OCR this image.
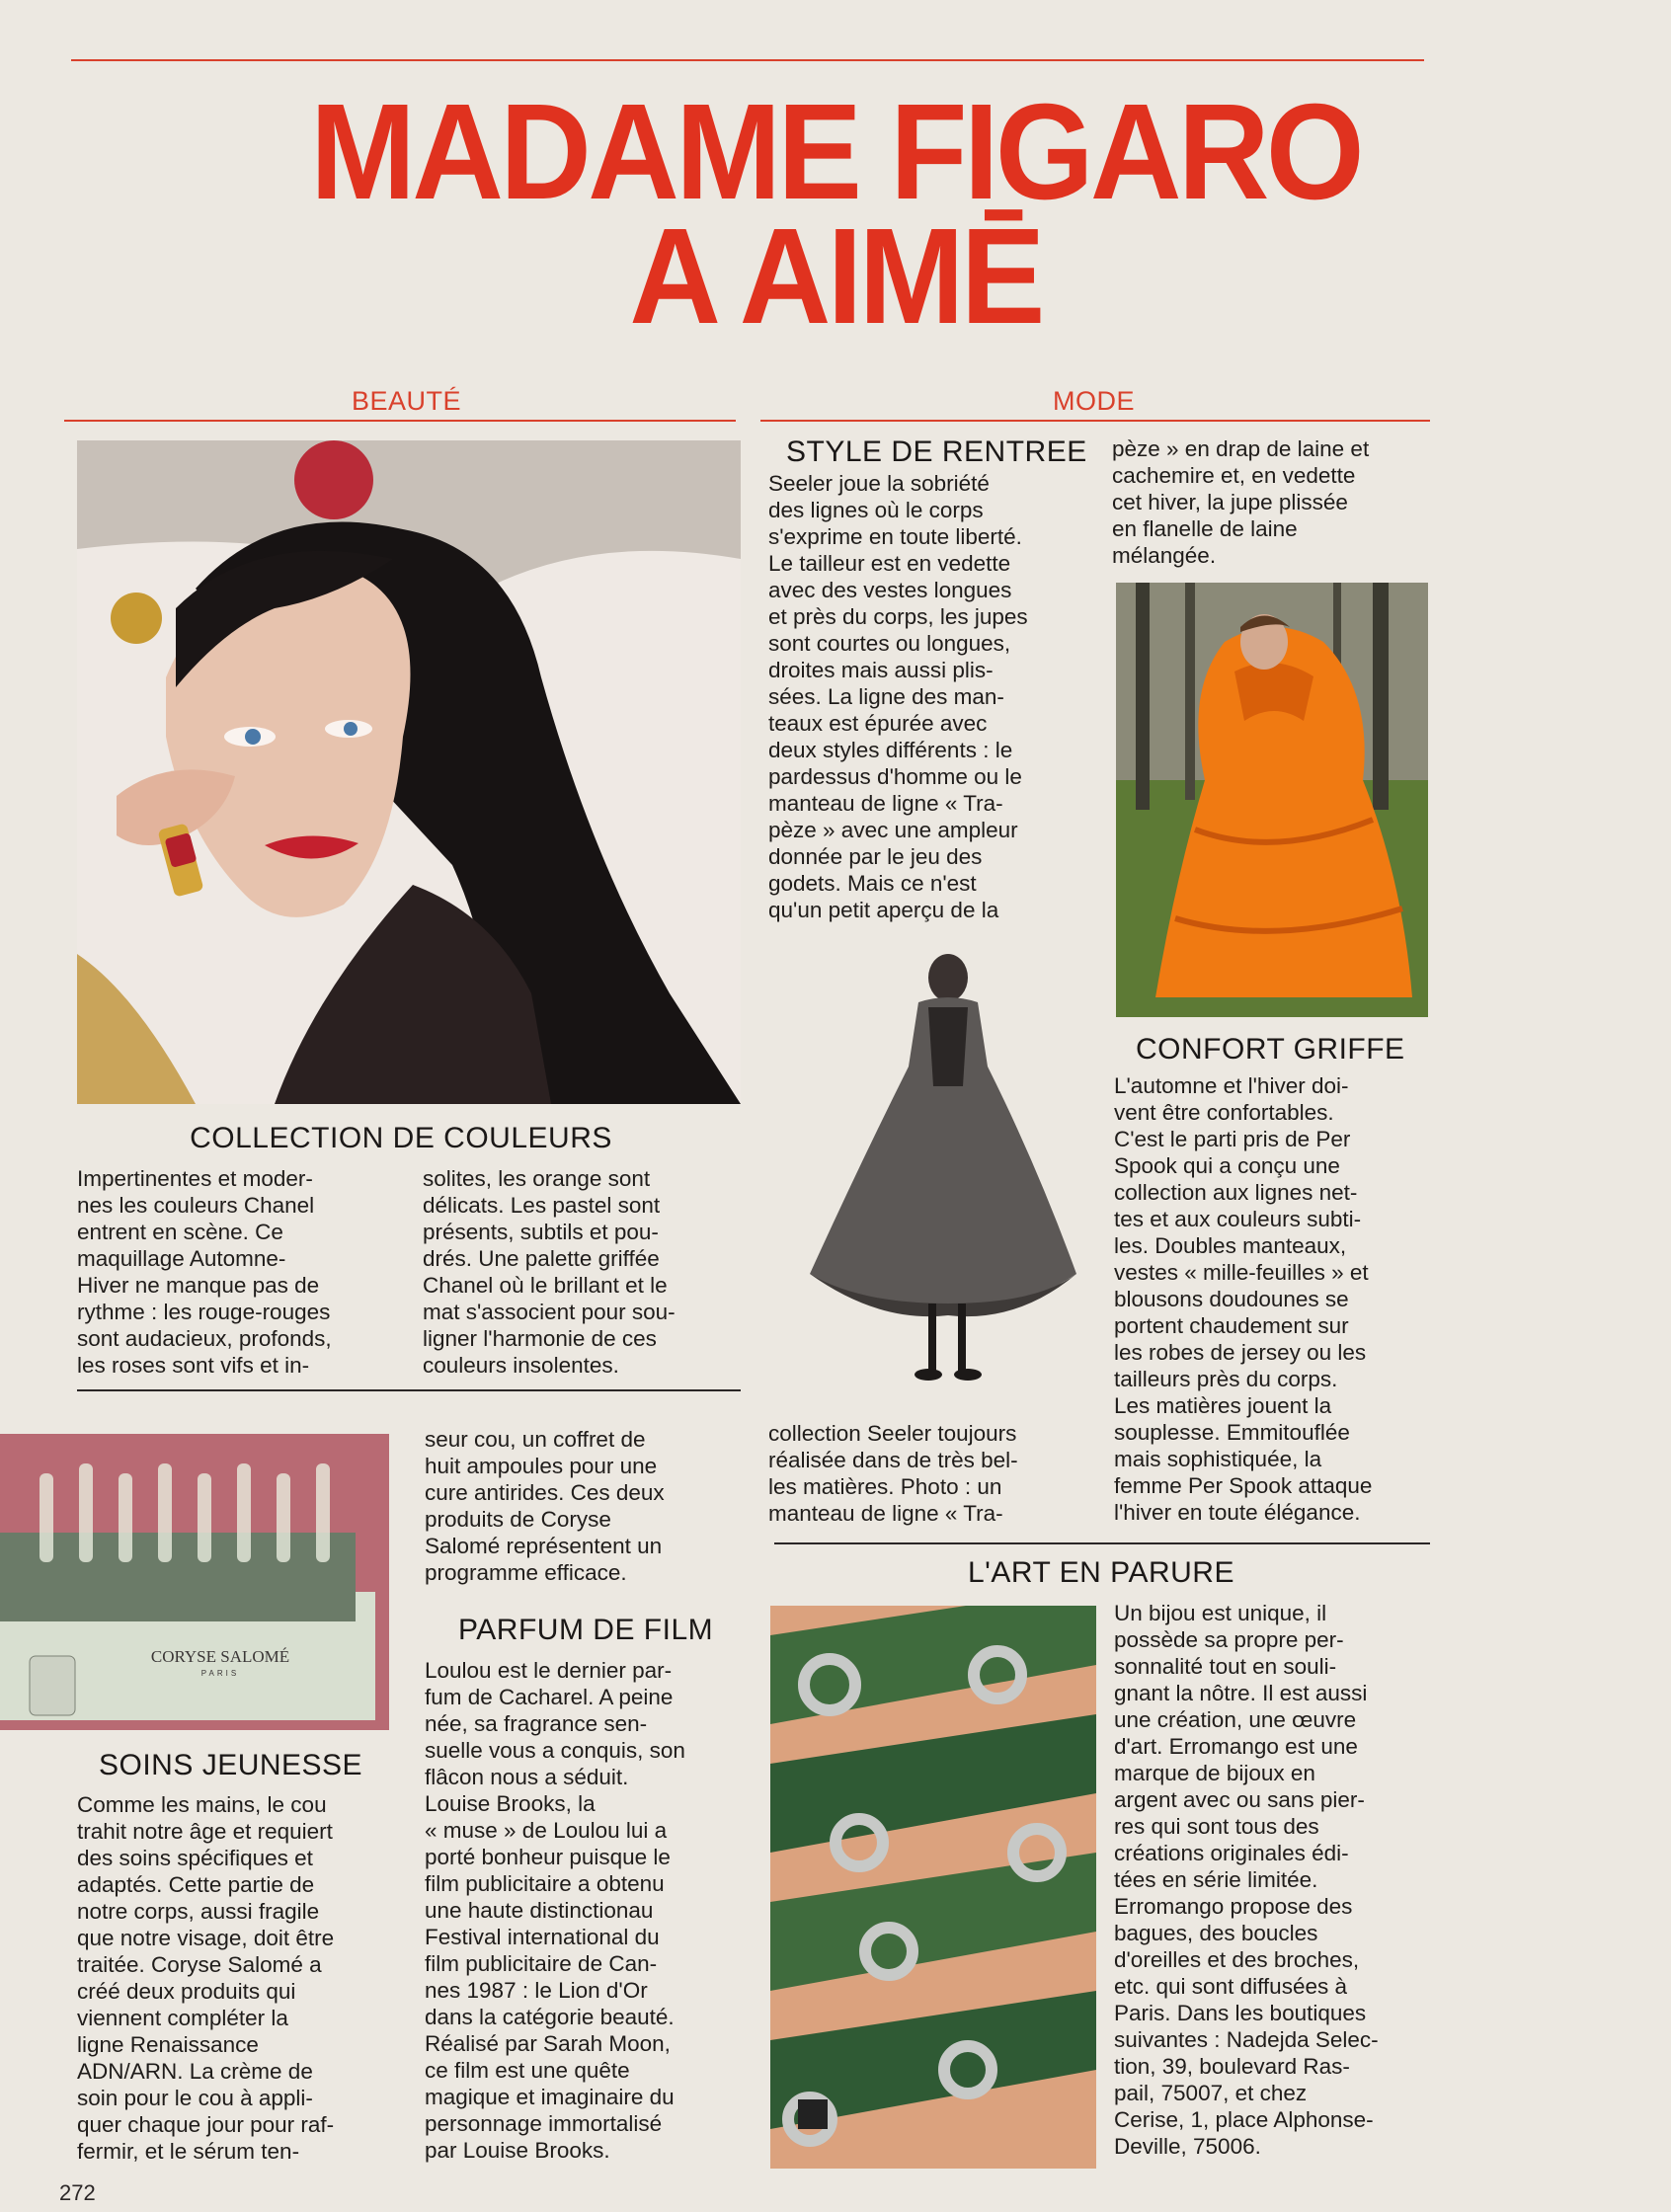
MADAME FIGARO
A AIMĒ
BEAUTÉ	MODE
COLLECTION DE COULEURS
Impertinentes et moder-
nes les couleurs Chanel
entrent en scène. Ce
maquillage Automne-
Hiver ne manque pas de
rythme : les rouge-rouges
sont audacieux, profonds,
les roses sont vifs et in-
solites, les orange sont
délicats. Les pastel sont
présents, subtils et pou-
drés. Une palette griffée
Chanel où le brillant et le
mat s'associent pour sou-
ligner l'harmonie de ces
couleurs insolentes.
STYLE DE RENTREE
Seeler joue la sobriété
des lignes où le corps
s'exprime en toute liberté.
Le tailleur est en vedette
avec des vestes longues
et près du corps, les jupes
sont courtes ou longues,
droites mais aussi plis-
sées. La ligne des man-
teaux est épurée avec
deux styles différents : le
pardessus d'homme ou le
manteau de ligne « Tra-
pèze » avec une ampleur
donnée par le jeu des
godets. Mais ce n'est
qu'un petit aperçu de la
pèze » en drap de laine et
cachemire et, en vedette
cet hiver, la jupe plissée
en flanelle de laine
mélangée.
CONFORT GRIFFE
L'automne et l'hiver doi-
vent être confortables.
C'est le parti pris de Per
Spook qui a conçu une
collection aux lignes net-
tes et aux couleurs subti-
les. Doubles manteaux,
vestes « mille-feuilles » et
blousons doudounes se
portent chaudement sur
les robes de jersey ou les
tailleurs près du corps.
Les matières jouent la
souplesse. Emmitouflée
mais sophistiquée, la
femme Per Spook attaque
l'hiver en toute élégance.
collection Seeler toujours
réalisée dans de très bel-
les matières. Photo : un
manteau de ligne « Tra-
CORYSE SALOMÉ
PARIS
SOINS JEUNESSE
Comme les mains, le cou
trahit notre âge et requiert
des soins spécifiques et
adaptés. Cette partie de
notre corps, aussi fragile
que notre visage, doit être
traitée. Coryse Salomé a
créé deux produits qui
viennent compléter la
ligne Renaissance
ADN/ARN. La crème de
soin pour le cou à appli-
quer chaque jour pour raf-
fermir, et le sérum ten-
seur cou, un coffret de
huit ampoules pour une
cure antirides. Ces deux
produits de Coryse
Salomé représentent un
programme efficace.
PARFUM DE FILM
Loulou est le dernier par-
fum de Cacharel. A peine
née, sa fragrance sen-
suelle vous a conquis, son
flâcon nous a séduit.
Louise Brooks, la
« muse » de Loulou lui a
porté bonheur puisque le
film publicitaire a obtenu
une haute distinctionau
Festival international du
film publicitaire de Can-
nes 1987 : le Lion d'Or
dans la catégorie beauté.
Réalisé par Sarah Moon,
ce film est une quête
magique et imaginaire du
personnage immortalisé
par Louise Brooks.
L'ART EN PARURE
Un bijou est unique, il
possède sa propre per-
sonnalité tout en souli-
gnant la nôtre. Il est aussi
une création, une œuvre
d'art. Erromango est une
marque de bijoux en
argent avec ou sans pier-
res qui sont tous des
créations originales édi-
tées en série limitée.
Erromango propose des
bagues, des boucles
d'oreilles et des broches,
etc. qui sont diffusées à
Paris. Dans les boutiques
suivantes : Nadejda Selec-
tion, 39, boulevard Ras-
pail, 75007, et chez
Cerise, 1, place Alphonse-
Deville, 75006.
272
